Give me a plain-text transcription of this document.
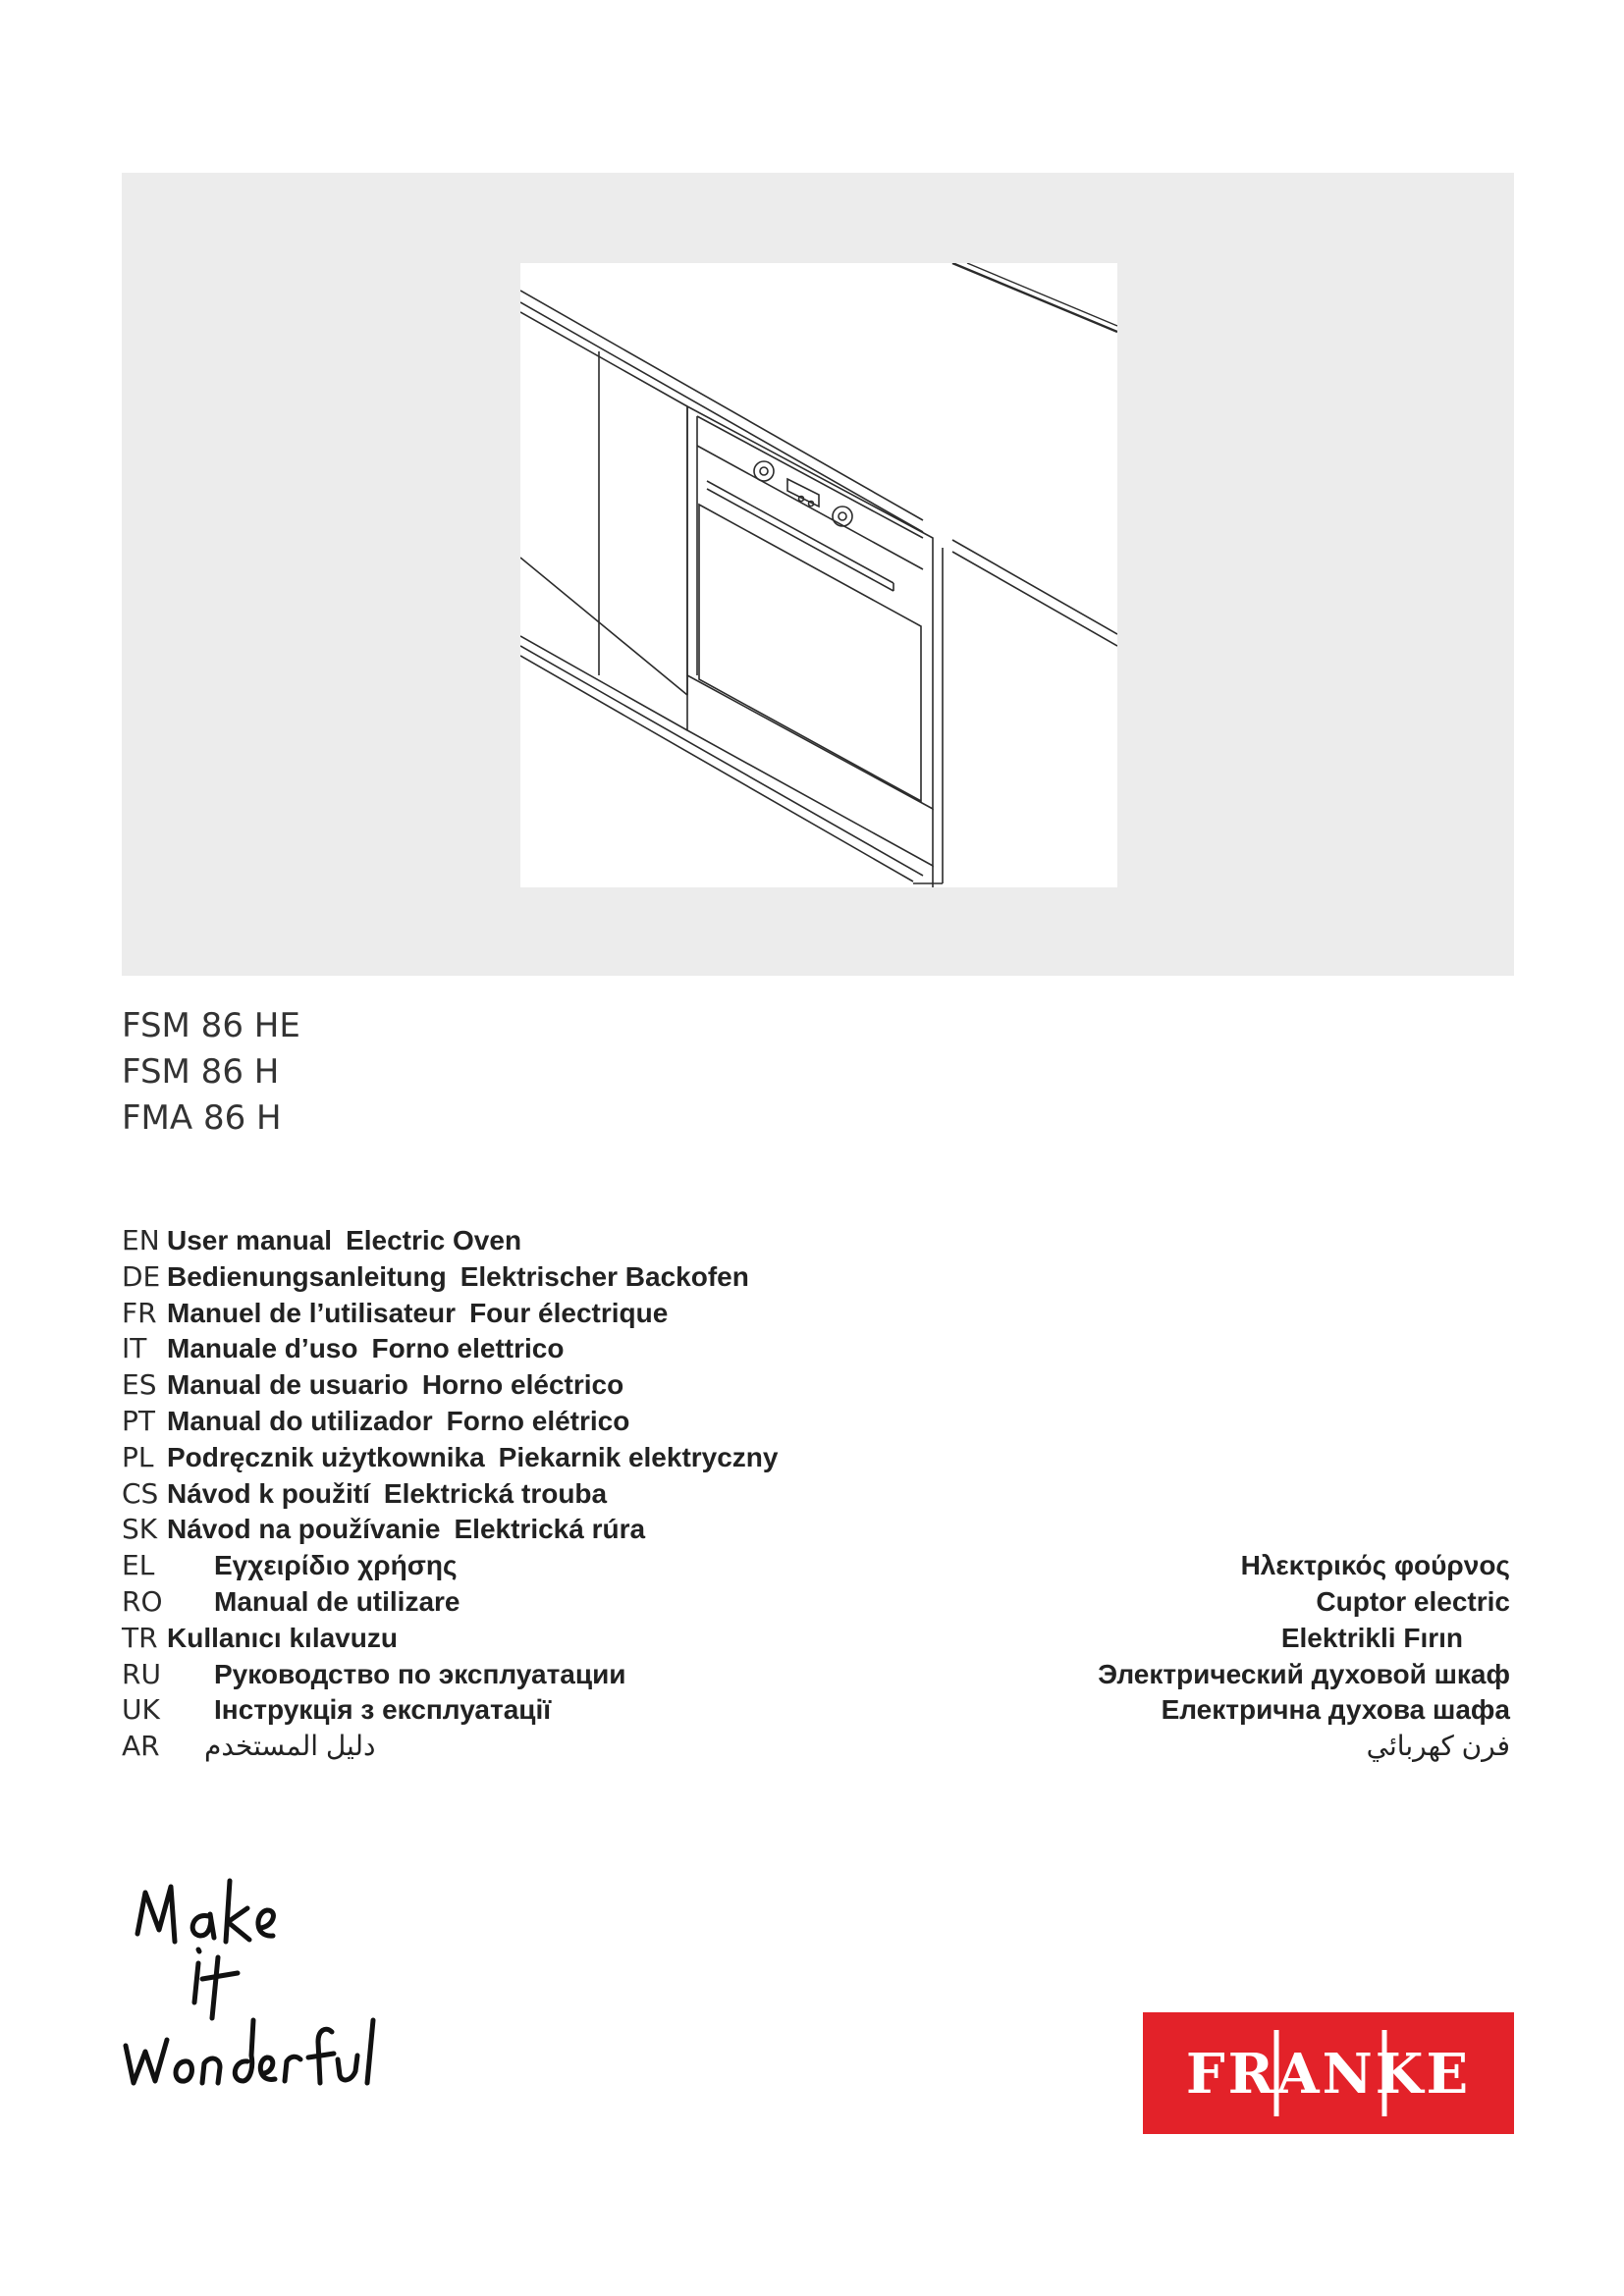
FSM 86 HE
FSM 86 H
FMA 86 H
EN User manual Electric Oven
DE Bedienungsanleitung Elektrischer Backofen
FR Manuel de l’utilisateur Four électrique
IT Manuale d’uso Forno elettrico
ES Manual de usuario Horno eléctrico
PT Manual do utilizador Forno elétrico
PL Podręcznik użytkownika Piekarnik elektryczny
CS Návod k použití Elektrická trouba
SK Návod na používanie Elektrická rúra
EL Εγχειρίδιο χρήσης	Ηλεκτρικός φούρνος
RO Manual de utilizare	Cuptor electric
TR Kullanıcı kılavuzu	Elektrikli Fırın
RU Руководство по эксплуатации	Электрический духовой шкаф
UK Інструкція з експлуатації	Електрична духова шафа
AR دليل المستخدم	فرن كهربائي
FRANKE
